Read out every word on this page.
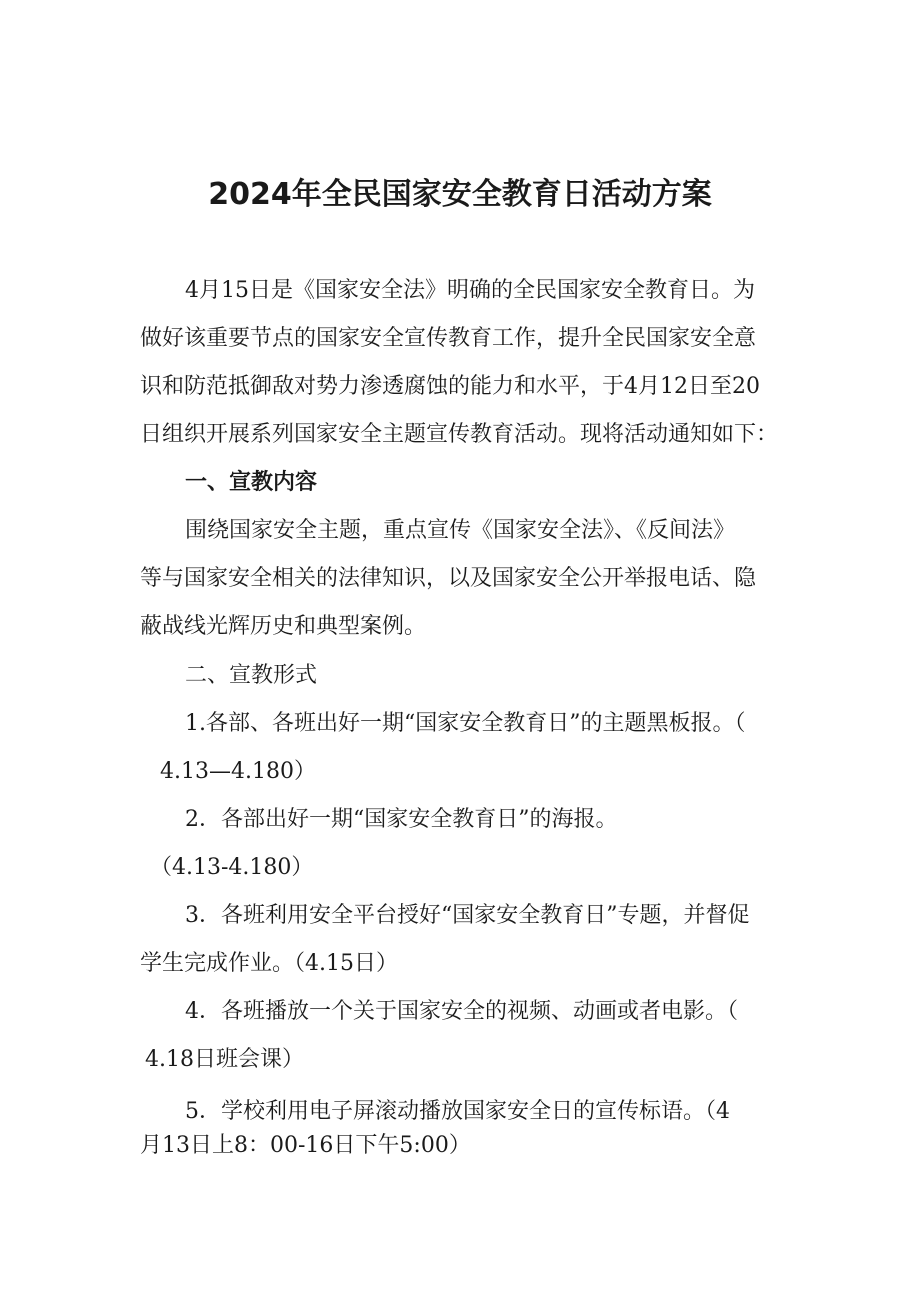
2024年全民国家安全教育日活动方案
4月15日是《国家安全法》明确的全民国家安全教育日。为
做好该重要节点的国家安全宣传教育工作，提升全民国家安全意
识和防范抵御敌对势力渗透腐蚀的能力和水平，于4月12日至20
日组织开展系列国家安全主题宣传教育活动。现将活动通知如下：
一、宣教内容
围绕国家安全主题，重点宣传《国家安全法》、《反间法》
等与国家安全相关的法律知识，以及国家安全公开举报电话、隐
蔽战线光辉历史和典型案例。
二、宣教形式
1.各部、各班出好一期“国家安全教育日”的主题黑板报。（
4.13—4.180）
2．各部出好一期“国家安全教育日”的海报。
（4.13-4.180）
3．各班利用安全平台授好“国家安全教育日”专题，并督促
学生完成作业。（4.15日）
4．各班播放一个关于国家安全的视频、动画或者电影。（
4.18日班会课）
5．学校利用电子屏滚动播放国家安全日的宣传标语。（4
月13日上8：00-16日下午5:00）
